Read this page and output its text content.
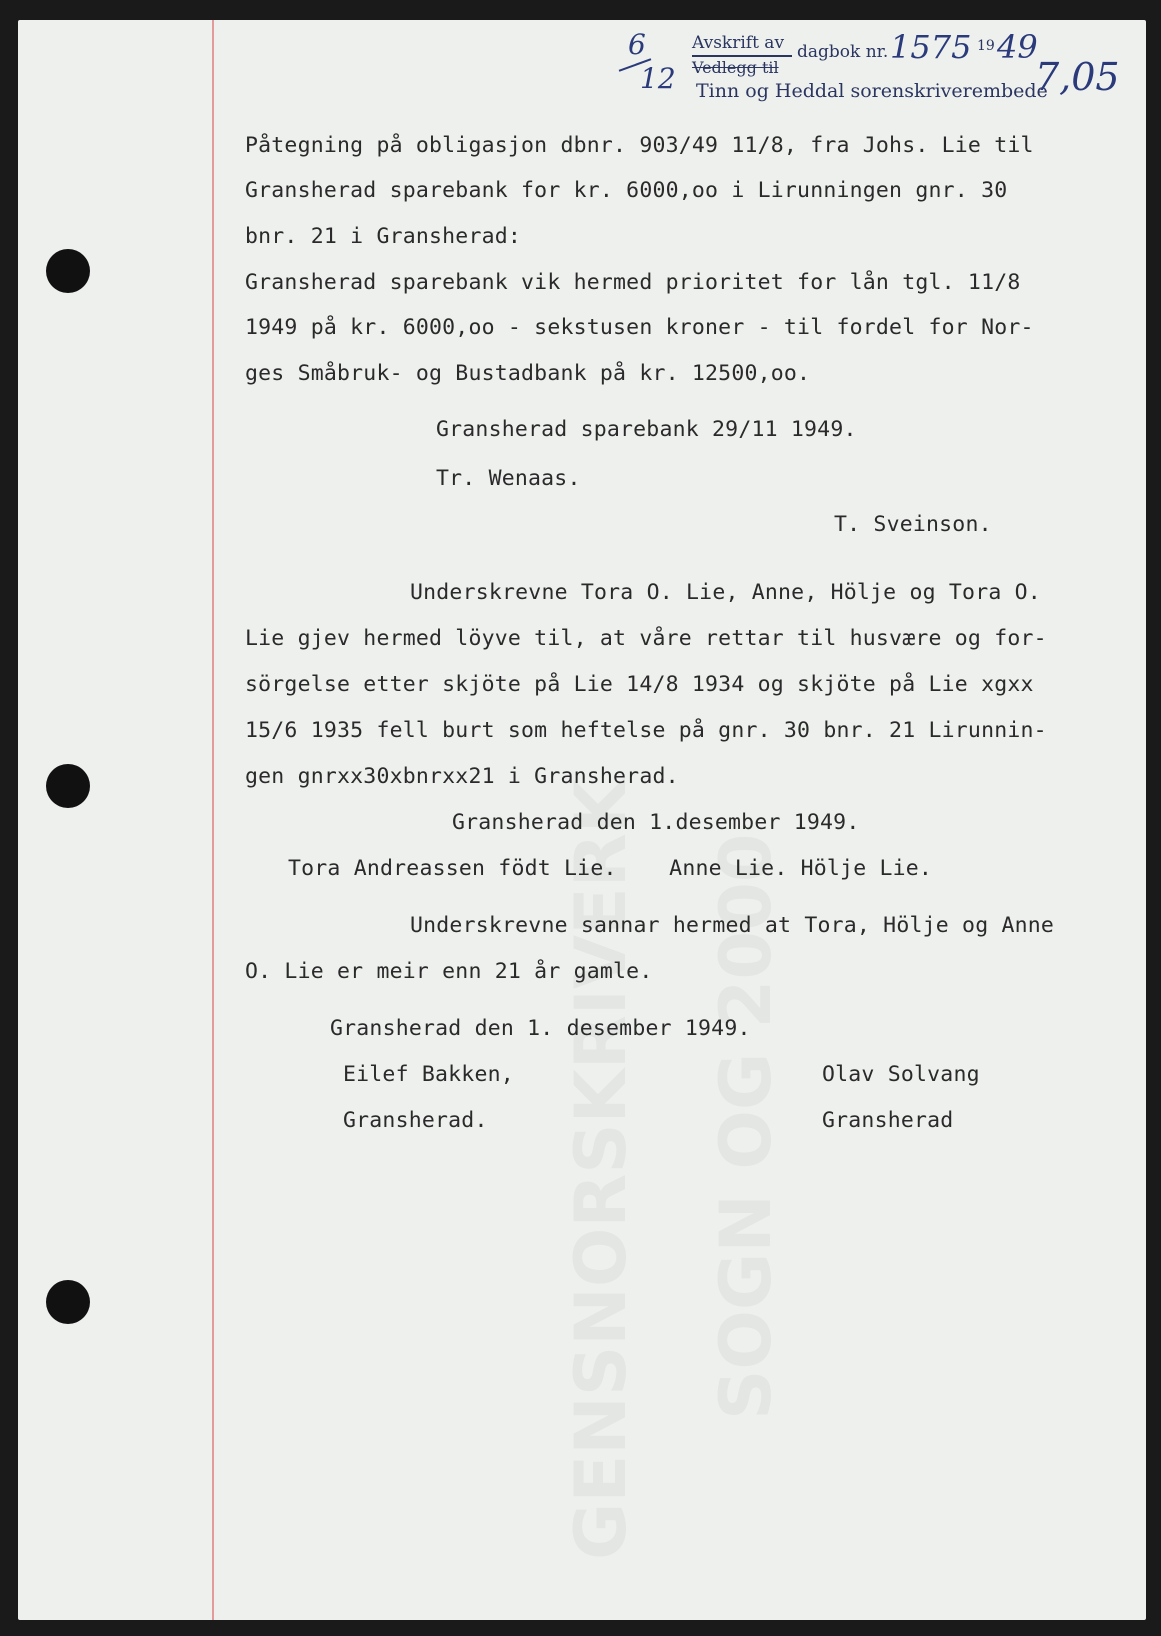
GENSNORSKRIVERK SOGN OG 2000
6
12
Avskrift av
Vedlegg til
dagbok nr. 1575 19 49
Tinn og Heddal sorenskriverembede
7,05
Påtegning på obligasjon dbnr. 903/49 11/8, fra Johs. Lie til
Gransherad sparebank for kr. 6000,oo i Lirunningen gnr. 30
bnr. 21 i Gransherad:
Gransherad sparebank vik hermed prioritet for lån tgl. 11/8
1949 på kr. 6000,oo - sekstusen kroner - til fordel for Nor-
ges Småbruk- og Bustadbank på kr. 12500,oo.
Gransherad sparebank 29/11 1949.
Tr. Wenaas.
T. Sveinson.
Underskrevne Tora O. Lie, Anne, Hölje og Tora O.
Lie gjev hermed löyve til, at våre rettar til husvære og for-
sörgelse etter skjöte på Lie 14/8 1934 og skjöte på Lie xgxx
15/6 1935 fell burt som heftelse på gnr. 30 bnr. 21 Lirunnin-
gen gnrxx30xbnrxx21 i Gransherad.
Gransherad den 1.desember 1949.
Tora Andreassen födt Lie.    Anne Lie. Hölje Lie.
Underskrevne sannar hermed at Tora, Hölje og Anne
O. Lie er meir enn 21 år gamle.
Gransherad den 1. desember 1949.
Eilef Bakken,	Olav Solvang
Gransherad.	Gransherad
